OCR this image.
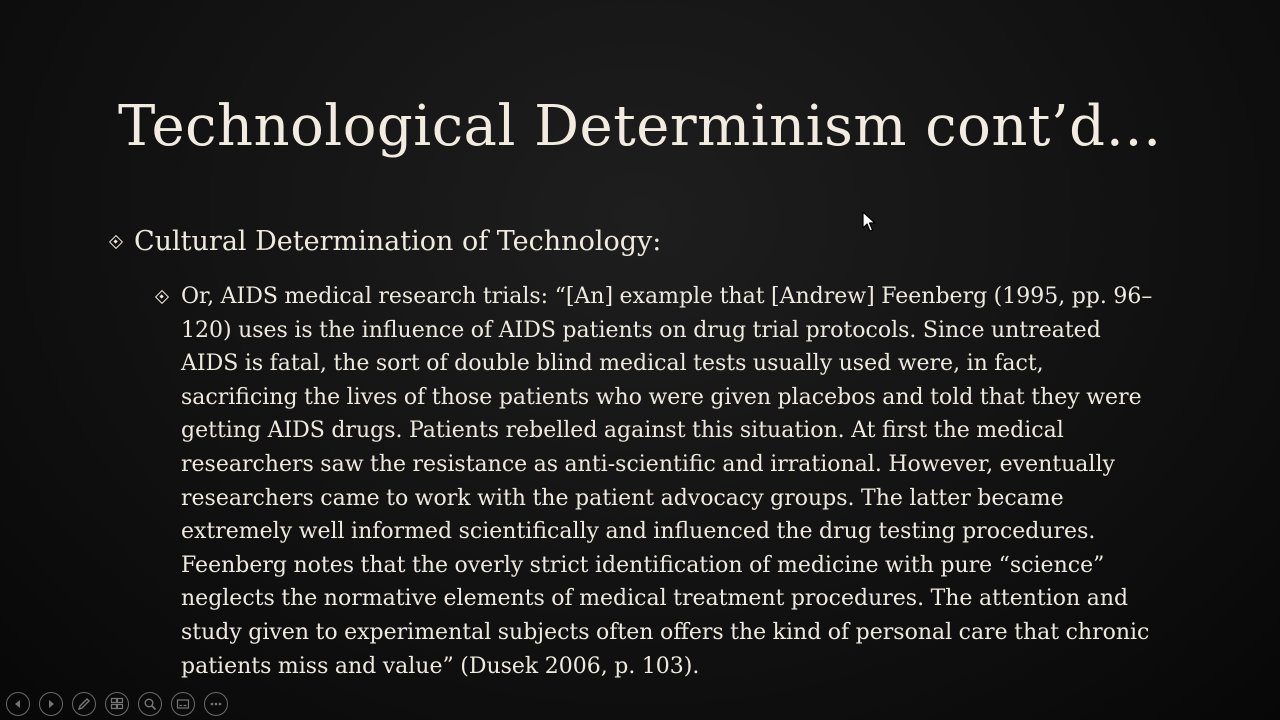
Technological Determinism cont’d…
Cultural Determination of Technology:
Or, AIDS medical research trials: “[An] example that [Andrew] Feenberg (1995, pp. 96–120) uses is the influence of AIDS patients on drug trial protocols. Since untreated AIDS is fatal, the sort of double blind medical tests usually used were, in fact, sacrificing the lives of those patients who were given placebos and told that they were getting AIDS drugs. Patients rebelled against this situation. At first the medical researchers saw the resistance as anti-scientific and irrational. However, eventually researchers came to work with the patient advocacy groups. The latter became extremely well informed scientifically and influenced the drug testing procedures. Feenberg notes that the overly strict identification of medicine with pure “science” neglects the normative elements of medical treatment procedures. The attention and study given to experimental subjects often offers the kind of personal care that chronic patients miss and value” (Dusek 2006, p. 103).
